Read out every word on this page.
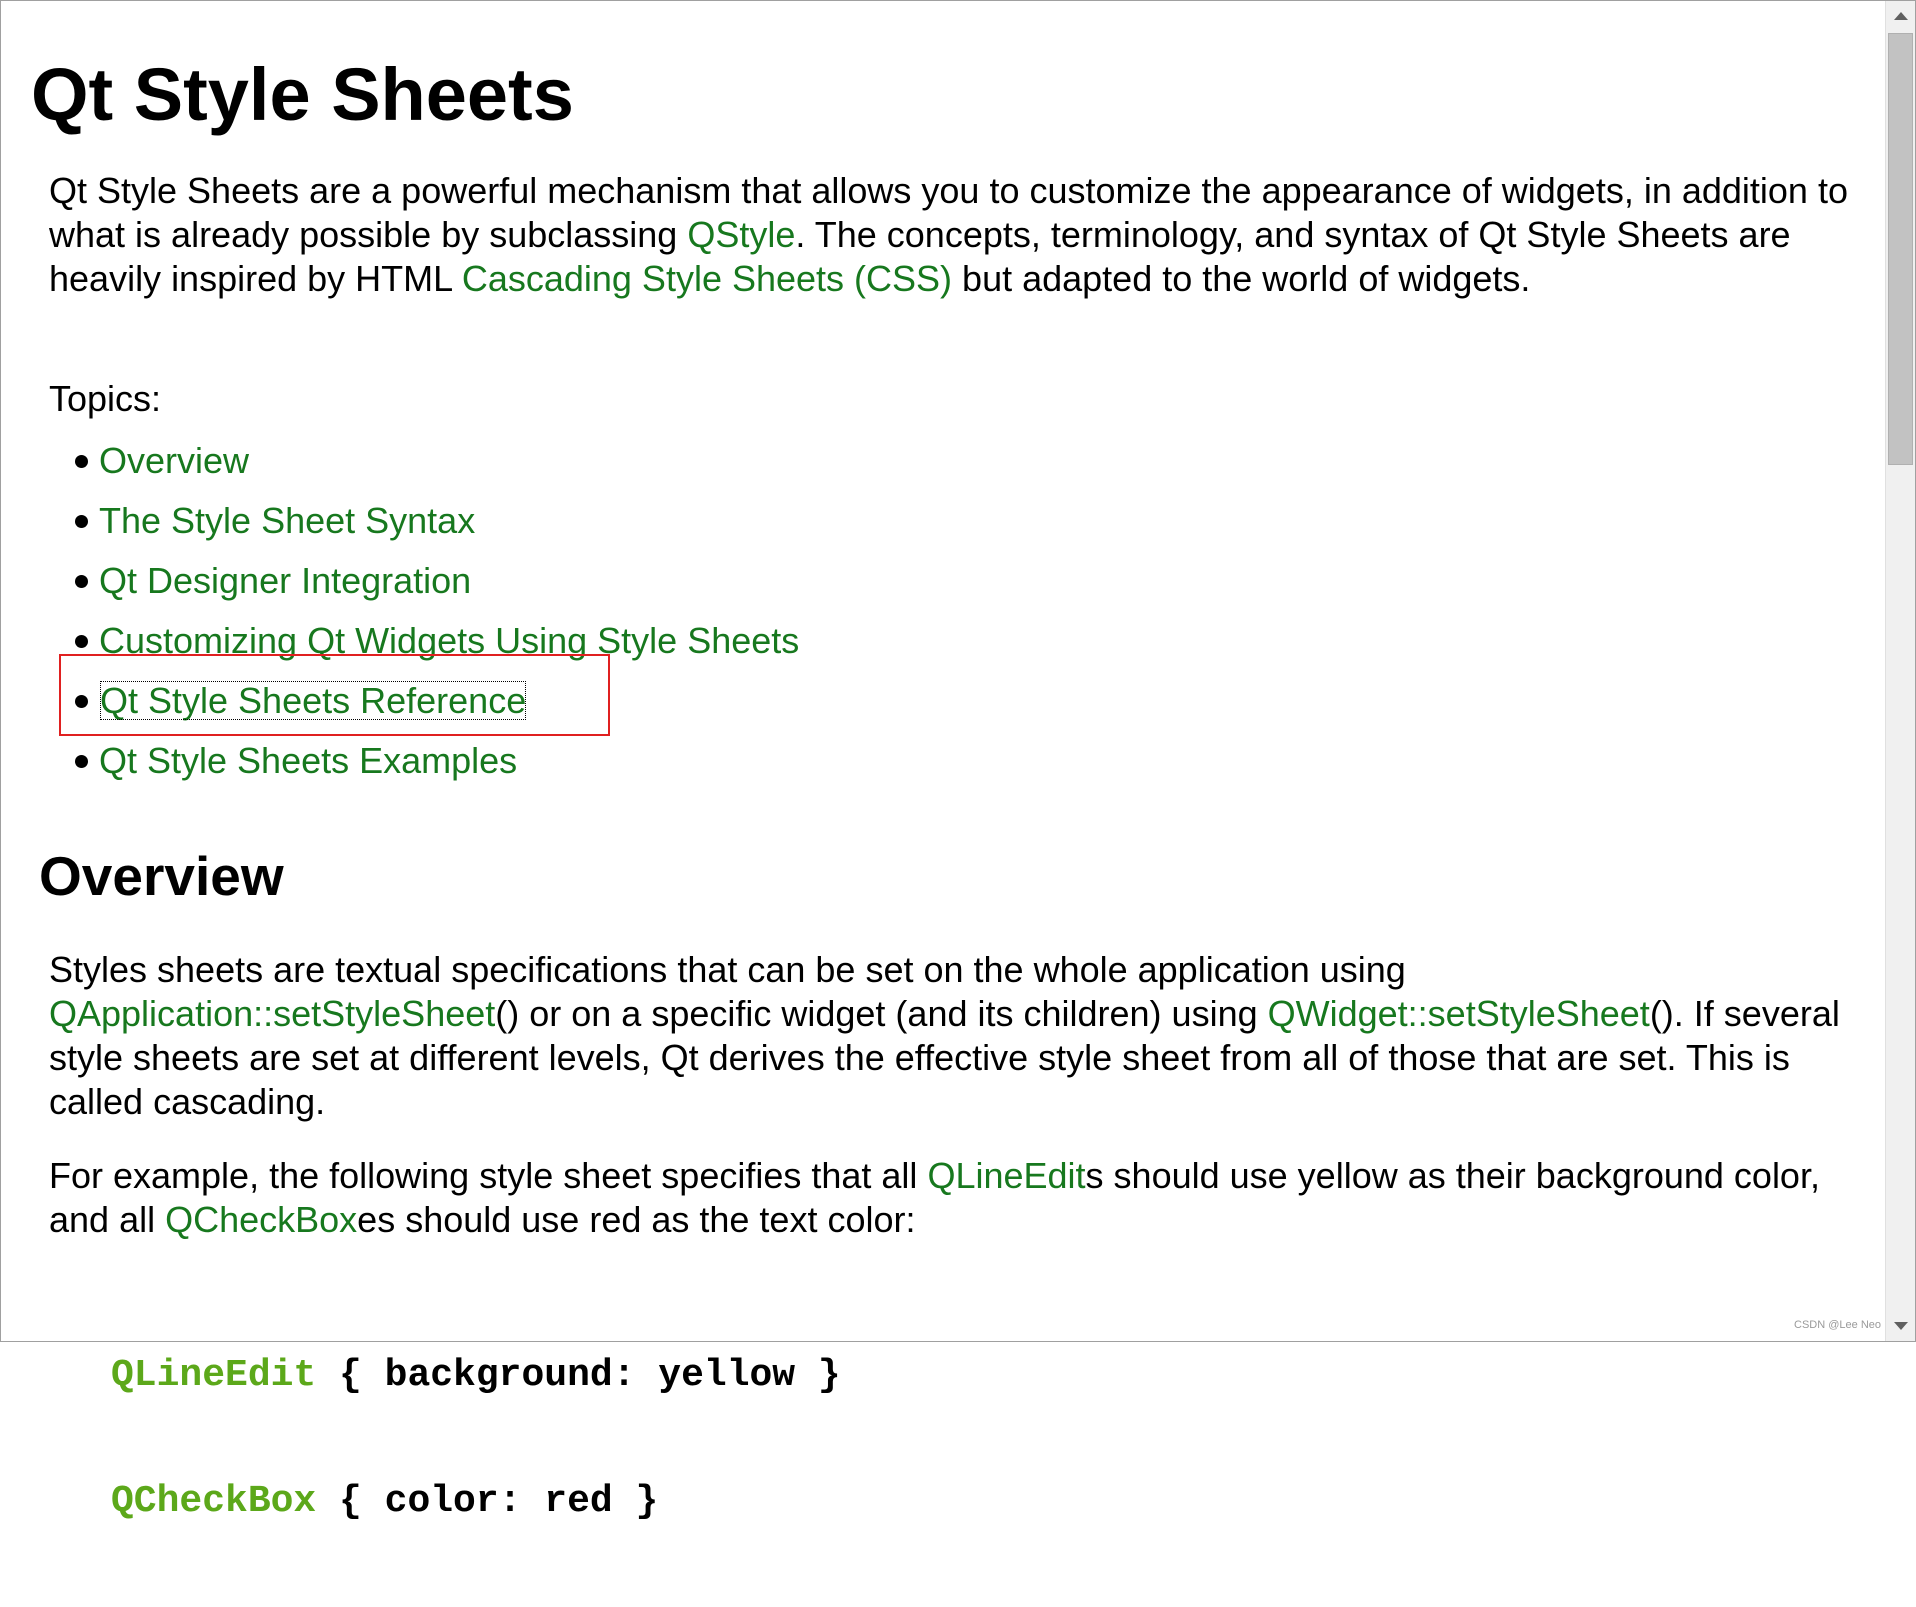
Qt Style Sheets

Qt Style Sheets are a powerful mechanism that allows you to customize the appearance of widgets, in addition to what is already possible by subclassing QStyle. The concepts, terminology, and syntax of Qt Style Sheets are heavily inspired by HTML Cascading Style Sheets (CSS) but adapted to the world of widgets.

Topics:

Overview
The Style Sheet Syntax
Qt Designer Integration
Customizing Qt Widgets Using Style Sheets
Qt Style Sheets Reference
Qt Style Sheets Examples
Overview

Styles sheets are textual specifications that can be set on the whole application using QApplication::setStyleSheet() or on a specific widget (and its children) using QWidget::setStyleSheet(). If several style sheets are set at different levels, Qt derives the effective style sheet from all of those that are set. This is called cascading.

For example, the following style sheet specifies that all QLineEdits should use yellow as their background color, and all QCheckBoxes should use red as the text color:

QLineEdit { background: yellow }

QCheckBox { color: red }

CSDN @Lee Neo
